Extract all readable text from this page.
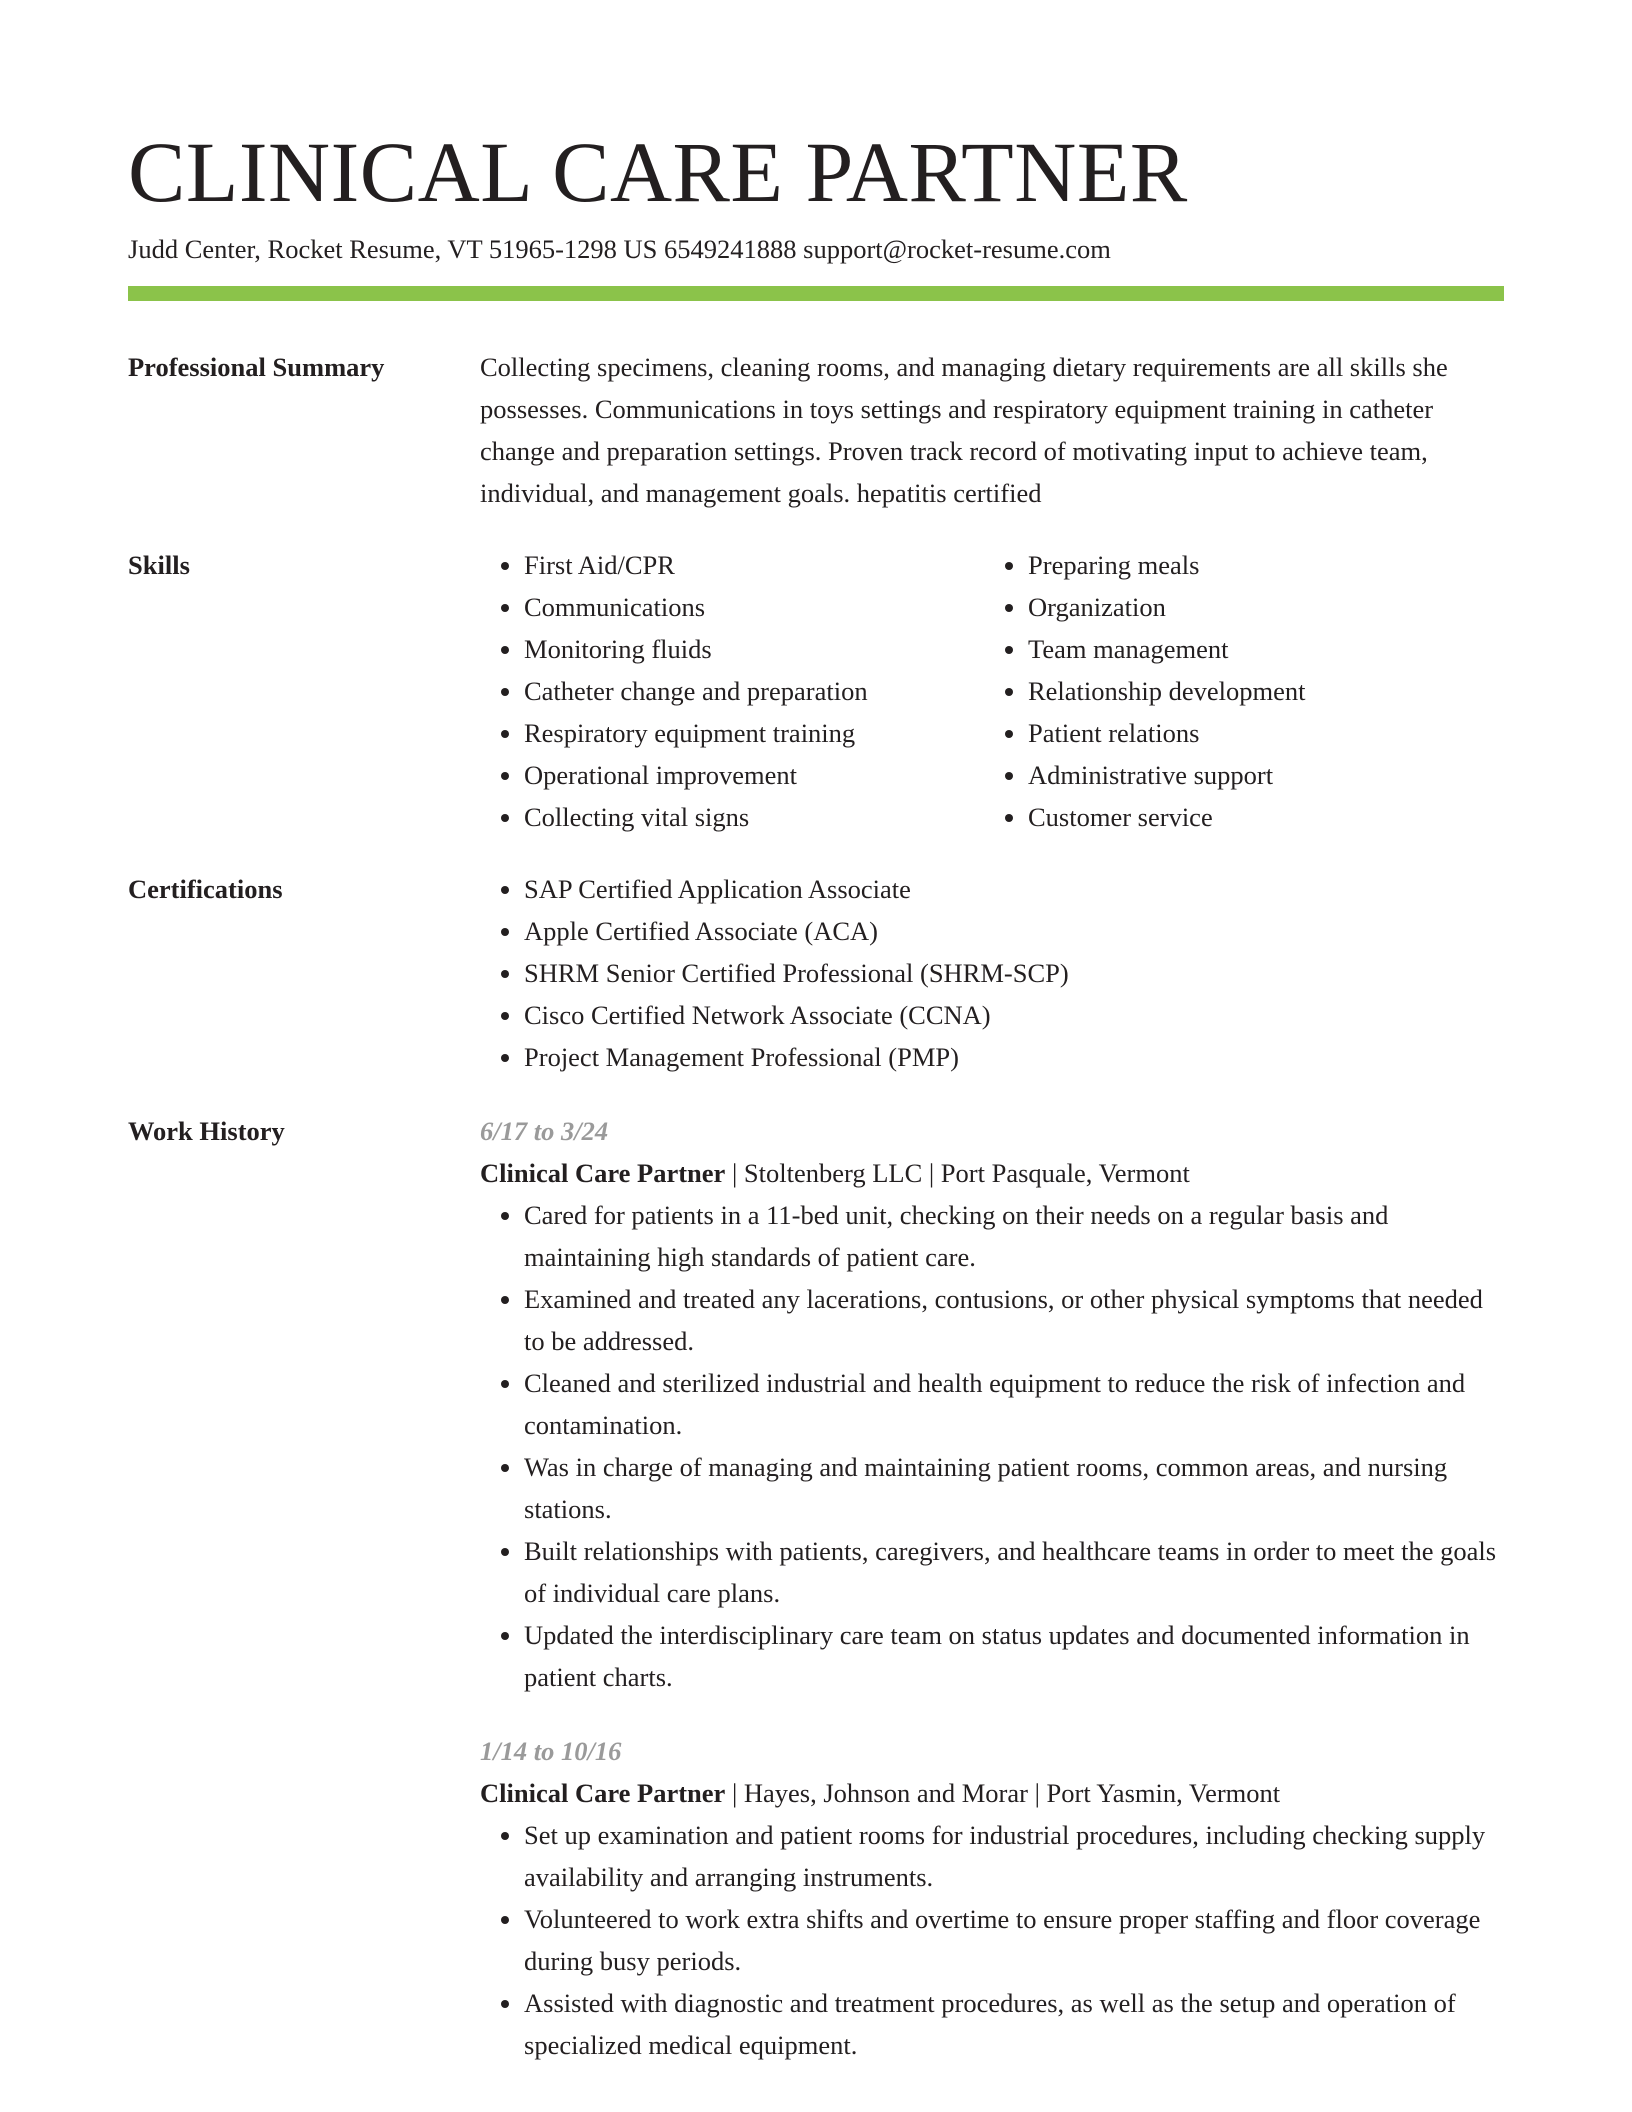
CLINICAL CARE PARTNER
Judd Center, Rocket Resume, VT 51965-1298 US 6549241888 support@rocket-resume.com
Professional Summary	Collecting specimens, cleaning rooms, and managing dietary requirements are all skills she possesses. Communications in toys settings and respiratory equipment training in catheter change and preparation settings. Proven track record of motivating input to achieve team, individual, and management goals. hepatitis certified

Skills	• First Aid/CPR
• Communications
• Monitoring fluids
• Catheter change and preparation
• Respiratory equipment training
• Operational improvement
• Collecting vital signs
• Preparing meals
• Organization
• Team management
• Relationship development
• Patient relations
• Administrative support
• Customer service
Certifications	• SAP Certified Application Associate
• Apple Certified Associate (ACA)
• SHRM Senior Certified Professional (SHRM-SCP)
• Cisco Certified Network Associate (CCNA)
• Project Management Professional (PMP)
Work History	6/17 to 3/24
Clinical Care Partner | Stoltenberg LLC | Port Pasquale, Vermont
• Cared for patients in a 11-bed unit, checking on their needs on a regular basis and maintaining high standards of patient care.
• Examined and treated any lacerations, contusions, or other physical symptoms that needed to be addressed.
• Cleaned and sterilized industrial and health equipment to reduce the risk of infection and contamination.
• Was in charge of managing and maintaining patient rooms, common areas, and nursing stations.
• Built relationships with patients, caregivers, and healthcare teams in order to meet the goals of individual care plans.
• Updated the interdisciplinary care team on status updates and documented information in patient charts.
1/14 to 10/16
Clinical Care Partner | Hayes, Johnson and Morar | Port Yasmin, Vermont
• Set up examination and patient rooms for industrial procedures, including checking supply availability and arranging instruments.
• Volunteered to work extra shifts and overtime to ensure proper staffing and floor coverage during busy periods.
• Assisted with diagnostic and treatment procedures, as well as the setup and operation of specialized medical equipment.
